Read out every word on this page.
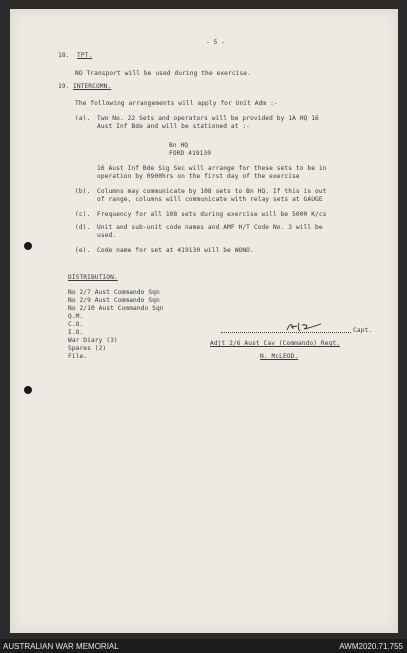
- 5 -
18. TPT.
NO Transport will be used during the exercise.
19. INTERCOMN.
The following arrangements will apply for Unit Adm :-
(a). Two No. 22 Sets and operators will be provided by 1A HQ 16
Aust Inf Bde and will be stationed at :-
Bn HQ
FORD 419130
16 Aust Inf Bde Sig Sec will arrange for these sets to be in
operation by 0900hrs on the first day of the exercise
(b). Columns may communicate by 108 sets to Bn HQ. If this is out
of range, columns will communicate with relay sets at GAUGE
(c). Frequency for all 108 sets during exercise will be 5000 K/cs
(d). Unit and sub-unit code names and AMF H/T Code No. 3 will be
used.
(e). Code name for set at 419130 will be WONO.
DISTRIBUTION.
No 2/7 Aust Commando Sqn
No 2/9 Aust Commando Sqn
No 2/10 Aust Commando Sqn
Q.M.
C.O.
I.O.
War Diary (3)
Spares (2)
File.
Capt.
Adjt 2/6 Aust Cav (Commando) Regt.
N. McLEOD.
AUSTRALIAN WAR MEMORIAL	AWM2020.71.755
